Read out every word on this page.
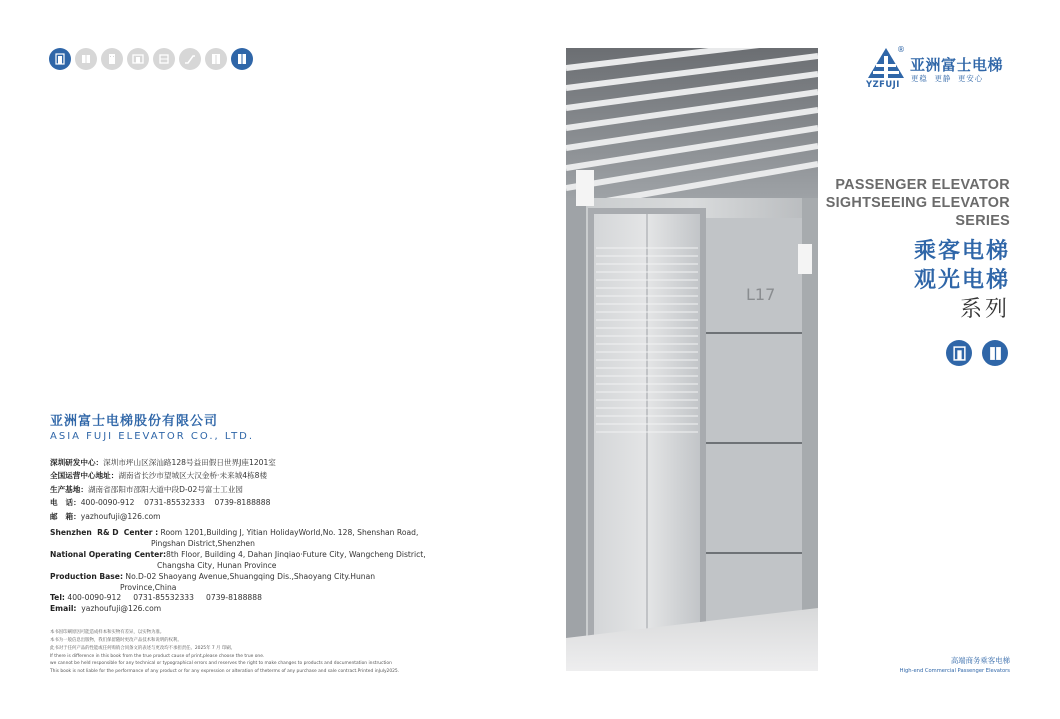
亚洲富士电梯股份有限公司
ASIA FUJI ELEVATOR CO., LTD.
深圳研发中心：深圳市坪山区深汕路128号益田假日世界J座1201室
全国运营中心地址：湖南省长沙市望城区大汉金桥·未来城4栋8楼
生产基地：湖南省邵阳市邵阳大道中段D-02号富士工业园
电   话：400-0090-912    0731-85532333    0739-8188888
邮   箱：yazhoufuji@126.com
Shenzhen  R& D  Center : Room 1201,Building J, Yitian HolidayWorld,No. 128, Shenshan Road,
Pingshan District,Shenzhen
National Operating Center:8th Floor, Building 4, Dahan Jinqiao·Future City, Wangcheng District,
Changsha City, Hunan Province
Production Base: No.D-02 Shaoyang Avenue,Shuangqing Dis.,Shaoyang City.Hunan
Province,China
Tel: 400-0090-912     0731-85532333     0739-8188888
Email:  yazhoufuji@126.com
本书因印刷原因可能造成样本和实物有差异，以实物为准。
本书为一般信息出版物，我们保留随时更改产品技术和说明的权利。
此书对于任何产品的性能或任何购销合同条文的表述与更改均不承担责任。2025年 7 月 印刷。
If there is difference in this book from the true product cause of print,please choose the true one.
we cannot be held responsible for any technical or typographical errors and reserves the right to make changes to products and documentation instruction
This book is not liable for the performance of any product or for any expression or alteration of theterms of any purchase and sale contract.Printed inJuly2025.
L17
®
亚洲富士电梯
更稳  更静  更安心
YZFUJI
PASSENGER ELEVATOR
SIGHTSEEING ELEVATOR
SERIES
乘客电梯
观光电梯
系列
高端商务乘客电梯
High-end Commercial Passenger Elevators
